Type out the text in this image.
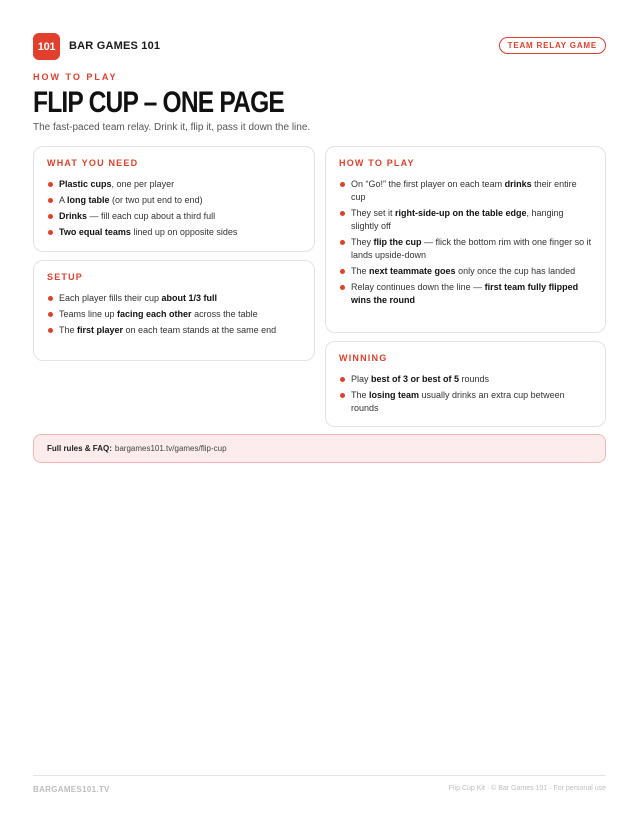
101	BAR GAMES 101	TEAM RELAY GAME
HOW TO PLAY
FLIP CUP – ONE PAGE
The fast-paced team relay. Drink it, flip it, pass it down the line.
WHAT YOU NEED
Plastic cups, one per player
A long table (or two put end to end)
Drinks — fill each cup about a third full
Two equal teams lined up on opposite sides
SETUP
Each player fills their cup about 1/3 full
Teams line up facing each other across the table
The first player on each team stands at the same end
HOW TO PLAY
On “Go!” the first player on each team drinks their entire cup
They set it right-side-up on the table edge, hanging slightly off
They flip the cup — flick the bottom rim with one finger so it lands upside-down
The next teammate goes only once the cup has landed
Relay continues down the line — first team fully flipped wins the round
WINNING
Play best of 3 or best of 5 rounds
The losing team usually drinks an extra cup between rounds
Full rules & FAQ: bargames101.tv/games/flip-cup
BARGAMES101.TV	Flip Cup Kit · © Bar Games 101 · For personal use
